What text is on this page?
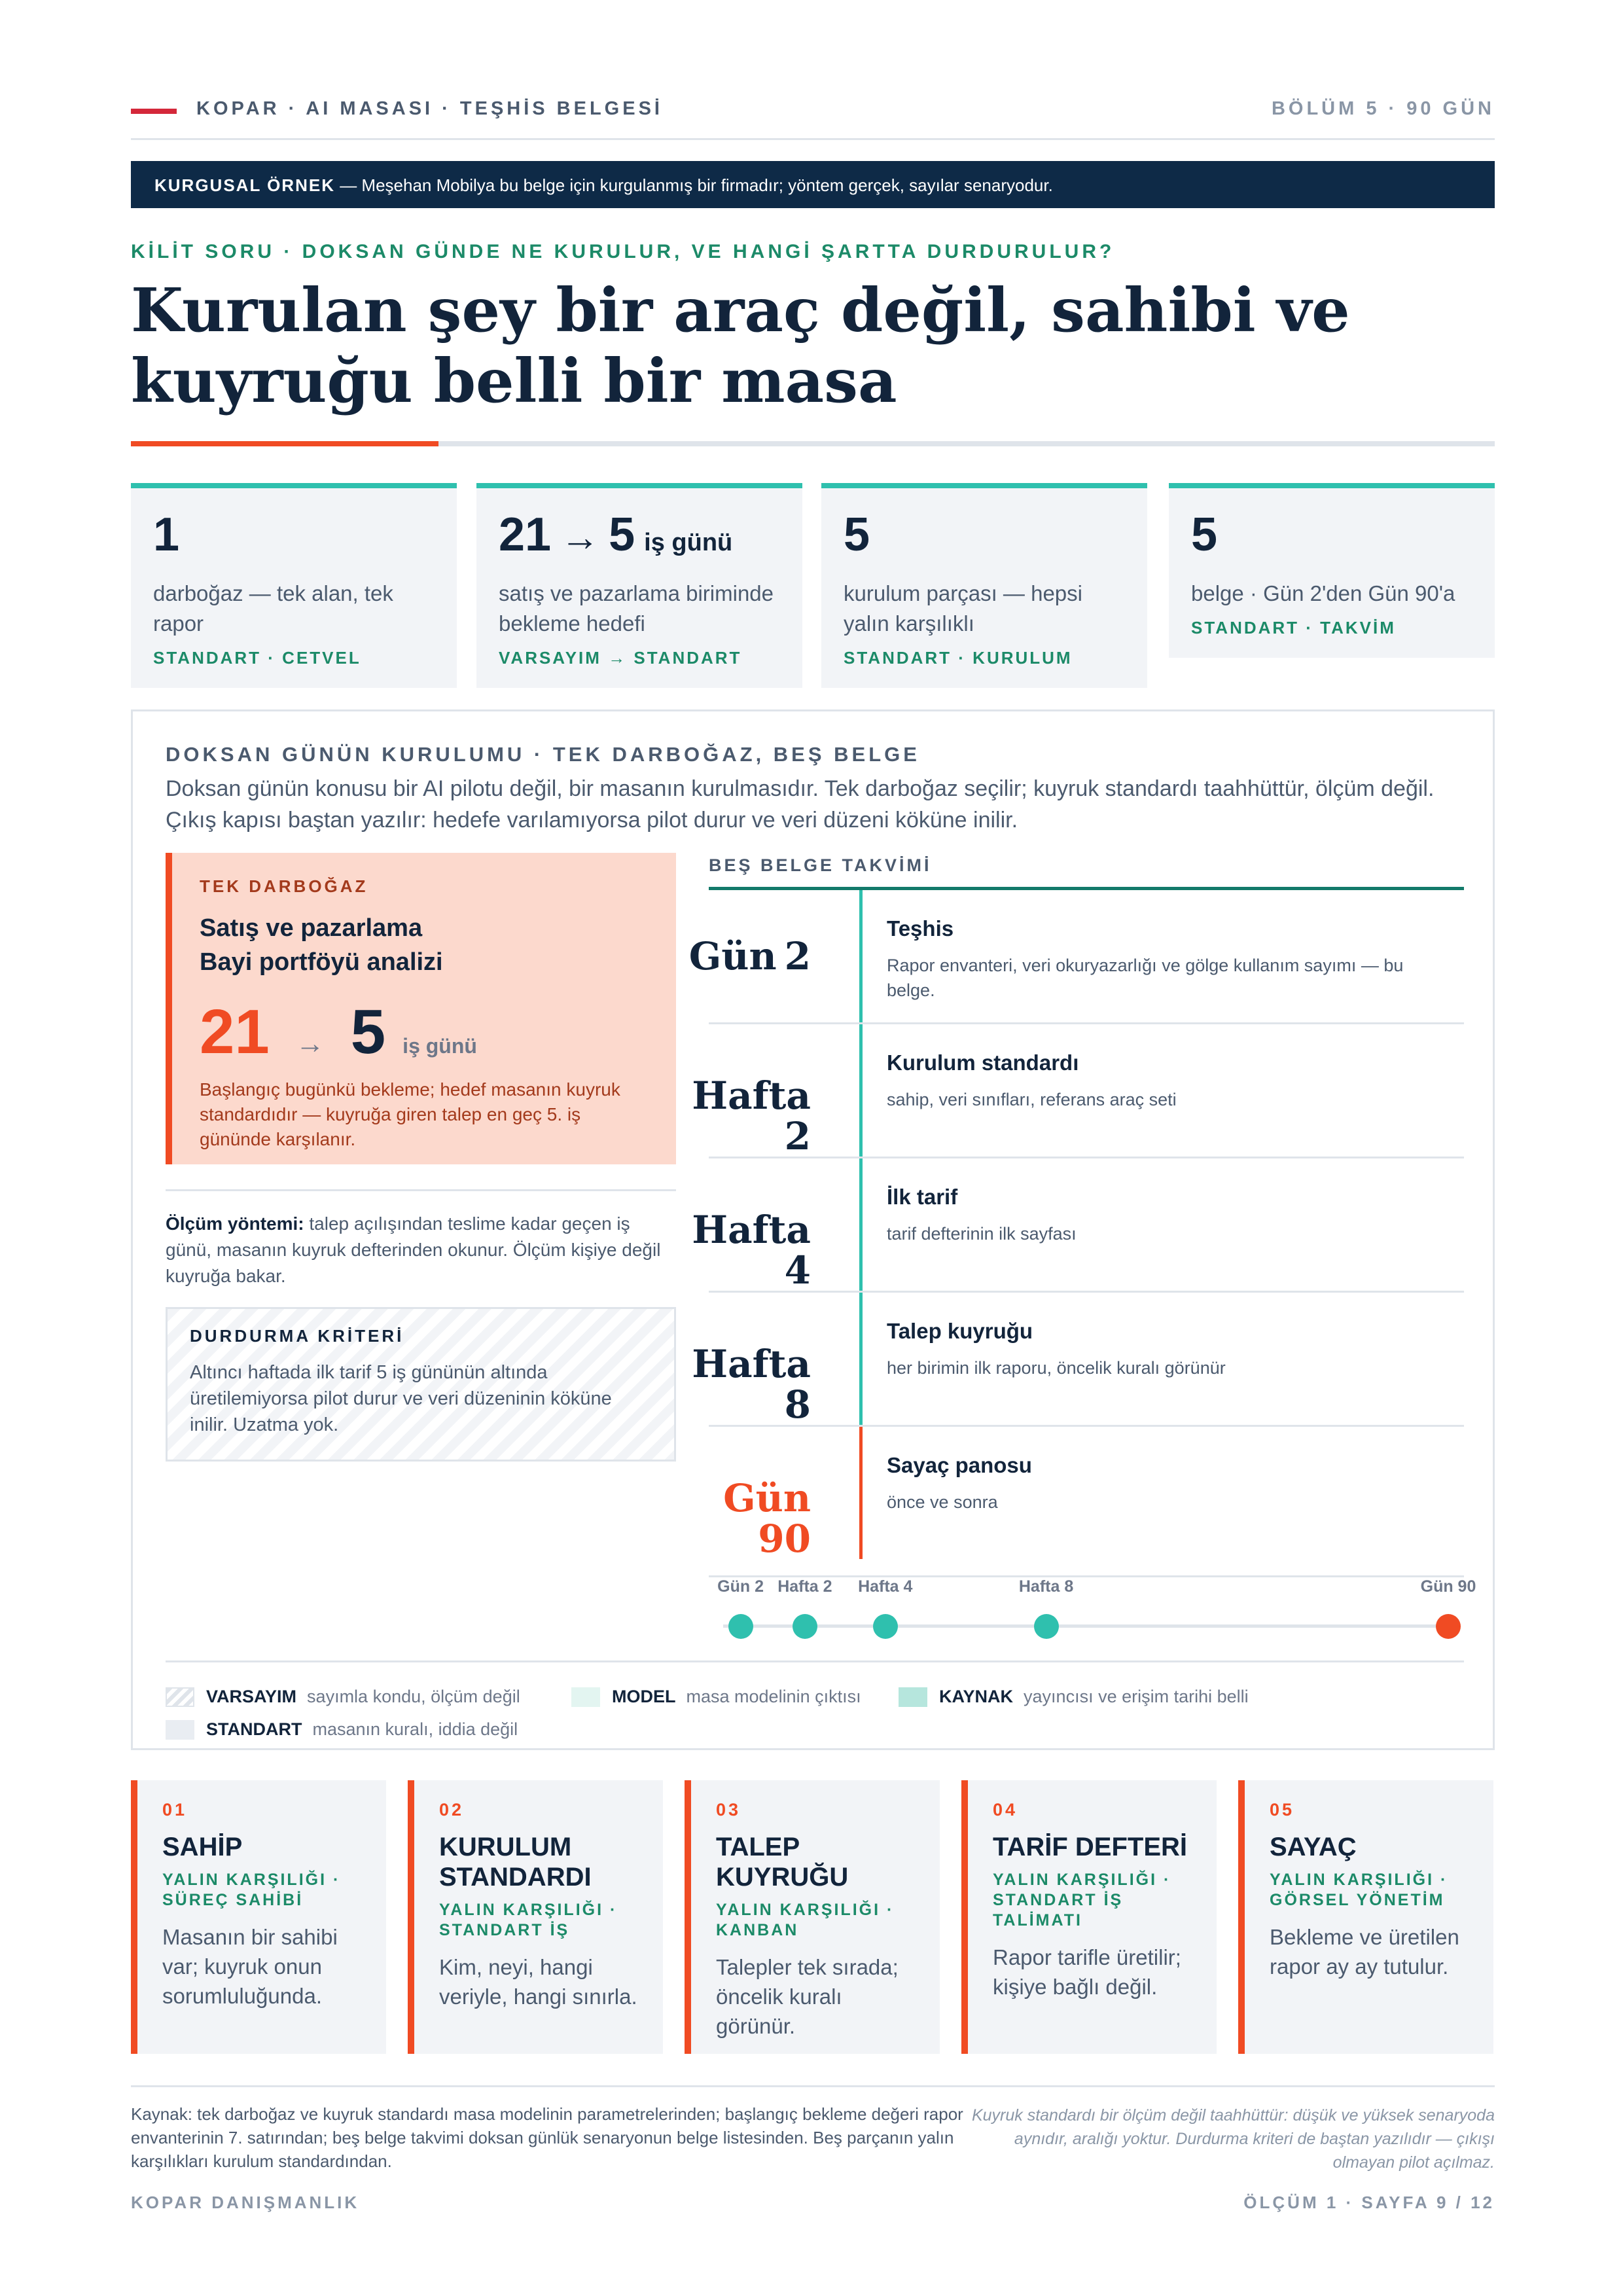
KOPAR · AI MASASI · TEŞHİS BELGESİ	BÖLÜM 5 · 90 GÜN
KURGUSAL ÖRNEK — Meşehan Mobilya bu belge için kurgulanmış bir firmadır; yöntem gerçek, sayılar senaryodur.
KİLİT SORU · DOKSAN GÜNDE NE KURULUR, VE HANGİ ŞARTTA DURDURULUR?
Kurulan şey bir araç değil, sahibi ve kuyruğu belli bir masa
1
darboğaz — tek alan, tek rapor
STANDART · CETVEL
21 → 5 iş günü
satış ve pazarlama biriminde bekleme hedefi
VARSAYIM → STANDART
5
kurulum parçası — hepsi yalın karşılıklı
STANDART · KURULUM
5
belge · Gün 2'den Gün 90'a
STANDART · TAKVİM
DOKSAN GÜNÜN KURULUMU · TEK DARBOĞAZ, BEŞ BELGE
Doksan günün konusu bir AI pilotu değil, bir masanın kurulmasıdır. Tek darboğaz seçilir; kuyruk standardı taahhüttür, ölçüm değil. Çıkış kapısı baştan yazılır: hedefe varılamıyorsa pilot durur ve veri düzeni köküne inilir.
TEK DARBOĞAZ
Satış ve pazarlama
Bayi portföyü analizi
21 → 5 iş günü
Başlangıç bugünkü bekleme; hedef masanın kuyruk standardıdır — kuyruğa giren talep en geç 5. iş gününde karşılanır.
Ölçüm yöntemi: talep açılışından teslime kadar geçen iş günü, masanın kuyruk defterinden okunur. Ölçüm kişiye değil kuyruğa bakar.
DURDURMA KRİTERİ
Altıncı haftada ilk tarif 5 iş gününün altında üretilemiyorsa pilot durur ve veri düzeninin köküne inilir. Uzatma yok.
BEŞ BELGE TAKVİMİ
Gün 2
Teşhis
Rapor envanteri, veri okuryazarlığı ve gölge kullanım sayımı — bu belge.
Hafta
2
Kurulum standardı
sahip, veri sınıfları, referans araç seti
Hafta
4
İlk tarif
tarif defterinin ilk sayfası
Hafta
8
Talep kuyruğu
her birimin ilk raporu, öncelik kuralı görünür
Gün
90
Sayaç panosu
önce ve sonra
Gün 2 Hafta 2 Hafta 4	Hafta 8	Gün 90
VARSAYIM sayımla kondu, ölçüm değil	MODEL masa modelinin çıktısı	KAYNAK yayıncısı ve erişim tarihi belli
STANDART masanın kuralı, iddia değil
01
SAHİP
YALIN KARŞILIĞI · SÜREÇ SAHİBİ
Masanın bir sahibi var; kuyruk onun sorumluluğunda.
02
KURULUM STANDARDI
YALIN KARŞILIĞI · STANDART İŞ
Kim, neyi, hangi veriyle, hangi sınırla.
03
TALEP KUYRUĞU
YALIN KARŞILIĞI · KANBAN
Talepler tek sırada; öncelik kuralı görünür.
04
TARİF DEFTERİ
YALIN KARŞILIĞI · STANDART İŞ TALİMATI
Rapor tarifle üretilir; kişiye bağlı değil.
05
SAYAÇ
YALIN KARŞILIĞI · GÖRSEL YÖNETİM
Bekleme ve üretilen rapor ay ay tutulur.
Kaynak: tek darboğaz ve kuyruk standardı masa modelinin parametrelerinden; başlangıç bekleme değeri rapor envanterinin 7. satırından; beş belge takvimi doksan günlük senaryonun belge listesinden. Beş parçanın yalın karşılıkları kurulum standardından.
Kuyruk standardı bir ölçüm değil taahhüttür: düşük ve yüksek senaryoda aynıdır, aralığı yoktur. Durdurma kriteri de baştan yazılıdır — çıkışı olmayan pilot açılmaz.
KOPAR DANIŞMANLIK	ÖLÇÜM 1 · SAYFA 9 / 12
